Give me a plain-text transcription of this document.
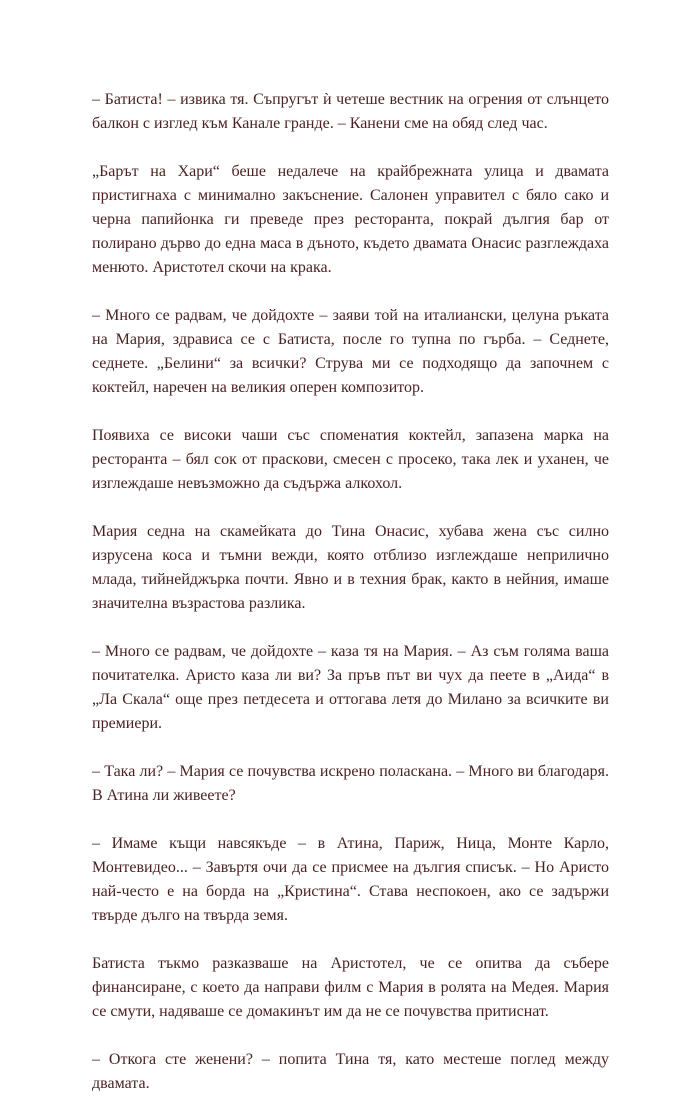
– Батиста! – извика тя. Съпругът ѝ четеше вестник на огрения от слънцето балкон с изглед към Канале гранде. – Канени сме на обяд след час.

„Барът на Хари“ беше недалече на крайбрежната улица и двамата пристигнаха с минимално закъснение. Салонен управител с бяло сако и черна папийонка ги преведе през ресторанта, покрай дългия бар от полирано дърво до една маса в дъното, където двамата Онасис разглеждаха менюто. Аристотел скочи на крака.

– Много се радвам, че дойдохте – заяви той на италиански, целуна ръката на Мария, здрависа се с Батиста, после го тупна по гърба. – Седнете, седнете. „Белини“ за всички? Струва ми се подходящо да започнем с коктейл, наречен на великия оперен композитор.

Появиха се високи чаши със споменатия коктейл, запазена марка на ресторанта – бял сок от праскови, смесен с просеко, така лек и уханен, че изглеждаше невъзможно да съдържа алкохол.

Мария седна на скамейката до Тина Онасис, хубава жена със силно изрусена коса и тъмни вежди, която отблизо изглеждаше неприлично млада, тийнейджърка почти. Явно и в техния брак, както в нейния, имаше значителна възрастова разлика.

– Много се радвам, че дойдохте – каза тя на Мария. – Аз съм голяма ваша почитателка. Аристо каза ли ви? За пръв път ви чух да пеете в „Аида“ в „Ла Скала“ още през петдесета и оттогава летя до Милано за всичките ви премиери.

– Така ли? – Мария се почувства искрено поласкана. – Много ви благодаря. В Атина ли живеете?

– Имаме къщи навсякъде – в Атина, Париж, Ница, Монте Карло, Монтевидео... – Завъртя очи да се присмее на дългия списък. – Но Аристо най-често е на борда на „Кристина“. Става неспокоен, ако се задържи твърде дълго на твърда земя.

Батиста тъкмо разказваше на Аристотел, че се опитва да събере финансиране, с което да направи филм с Мария в ролята на Медея. Мария се смути, надяваше се домакинът им да не се почувства притиснат.

– Откога сте женени? – попита Тина тя, като местеше поглед между двамата.
